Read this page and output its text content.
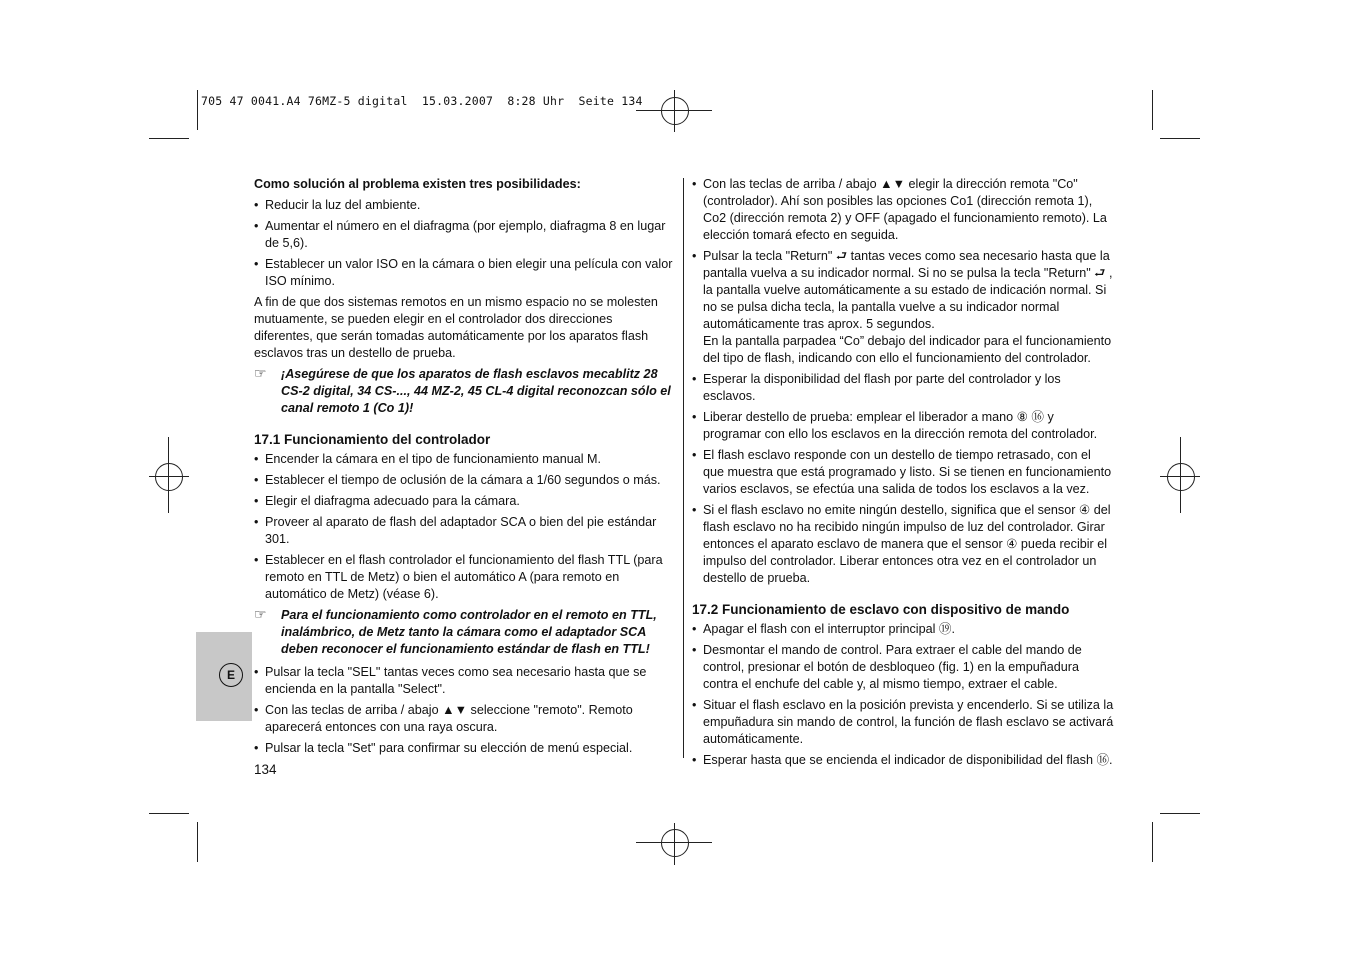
705 47 0041.A4 76MZ-5 digital  15.03.2007  8:28 Uhr  Seite 134
E

Como solución al problema existen tres posibilidades:

• Reducir la luz del ambiente.
• Aumentar el número en el diafragma (por ejemplo, diafragma 8 en lugar de 5,6).
• Establecer un valor ISO en la cámara o bien elegir una película con valor ISO mínimo.

A fin de que dos sistemas remotos en un mismo espacio no se molesten mutuamente, se pueden elegir en el controlador dos direcciones diferentes, que serán tomadas automáticamente por los aparatos flash esclavos tras un destello de prueba.

☞ ¡Asegúrese de que los aparatos de flash esclavos mecablitz 28 CS-2 digital, 34 CS-..., 44 MZ-2, 45 CL-4 digital reconozcan sólo el canal remoto 1 (Co 1)!
17.1 Funcionamiento del controlador
• Encender la cámara en el tipo de funcionamiento manual M.
• Establecer el tiempo de oclusión de la cámara a 1/60 segundos o más.
• Elegir el diafragma adecuado para la cámara.
• Proveer al aparato de flash del adaptador SCA o bien del pie estándar 301.
• Establecer en el flash controlador el funcionamiento del flash TTL (para remoto en TTL de Metz) o bien el automático A (para remoto en automático de Metz) (véase 6).
☞ Para el funcionamiento como controlador en el remoto en TTL, inalámbrico, de Metz tanto la cámara como el adaptador SCA deben reconocer el funcionamiento estándar de flash en TTL!
• Pulsar la tecla "SEL" tantas veces como sea necesario hasta que se encienda en la pantalla "Select".
• Con las teclas de arriba / abajo ▲▼ seleccione "remoto". Remoto aparecerá entonces con una raya oscura.
• Pulsar la tecla "Set" para confirmar su elección de menú especial.
134
• Con las teclas de arriba / abajo ▲▼ elegir la dirección remota "Co" (controlador). Ahí son posibles las opciones Co1 (dirección remota 1), Co2 (dirección remota 2) y OFF (apagado el funcionamiento remoto). La elección tomará efecto en seguida.
• Pulsar la tecla "Return" ⮐ tantas veces como sea necesario hasta que la pantalla vuelva a su indicador normal. Si no se pulsa la tecla "Return" ⮐ , la pantalla vuelve automáticamente a su estado de indicación normal. Si no se pulsa dicha tecla, la pantalla vuelve a su indicador normal automáticamente tras aprox. 5 segundos.
En la pantalla parpadea “Co” debajo del indicador para el funcionamiento del tipo de flash, indicando con ello el funcionamiento del controlador.
• Esperar la disponibilidad del flash por parte del controlador y los esclavos.
• Liberar destello de prueba: emplear el liberador a mano ⑧ ⑯ y programar con ello los esclavos en la dirección remota del controlador.
• El flash esclavo responde con un destello de tiempo retrasado, con el que muestra que está programado y listo. Si se tienen en funcionamiento varios esclavos, se efectúa una salida de todos los esclavos a la vez.
• Si el flash esclavo no emite ningún destello, significa que el sensor ④ del flash esclavo no ha recibido ningún impulso de luz del controlador. Girar entonces el aparato esclavo de manera que el sensor ④ pueda recibir el impulso del controlador. Liberar entonces otra vez en el controlador un destello de prueba.
17.2 Funcionamiento de esclavo con dispositivo de mando
• Apagar el flash con el interruptor principal ⑲.
• Desmontar el mando de control. Para extraer el cable del mando de control, presionar el botón de desbloqueo (fig. 1) en la empuñadura contra el enchufe del cable y, al mismo tiempo, extraer el cable.
• Situar el flash esclavo en la posición prevista y encenderlo. Si se utiliza la empuñadura sin mando de control, la función de flash esclavo se activará automáticamente.
• Esperar hasta que se encienda el indicador de disponibilidad del flash ⑯.
